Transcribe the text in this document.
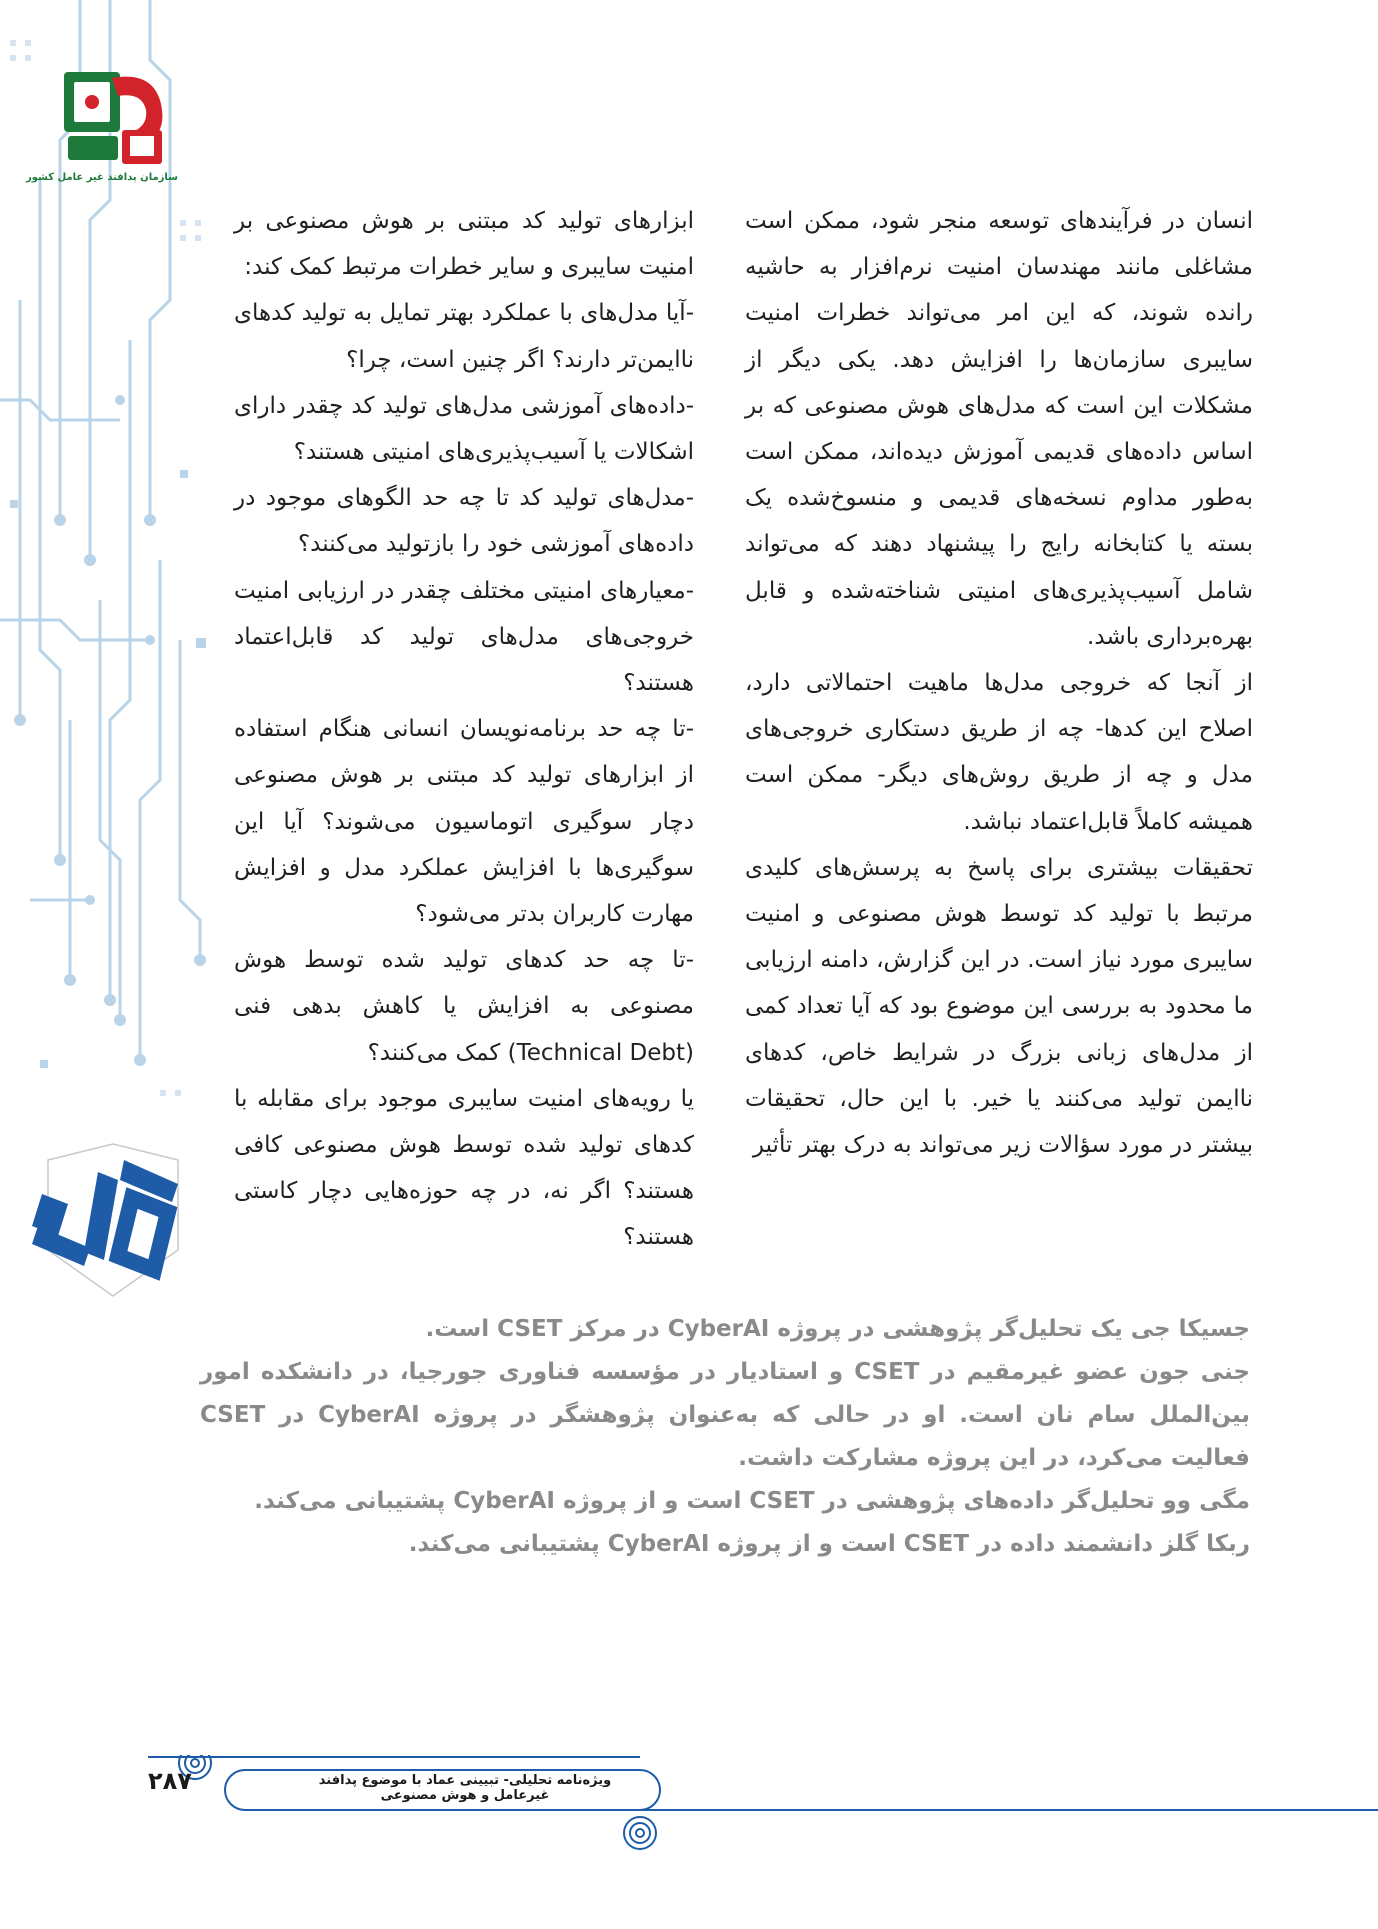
سازمان پدافند غیر عامل کشور

انسان در فرآیندهای توسعه منجر شود، ممکن است مشاغلی مانند مهندسان امنیت نرم‌افزار به حاشیه رانده شوند، که این امر می‌تواند خطرات امنیت سایبری سازمان‌ها را افزایش دهد. یکی دیگر از مشکلات این است که مدل‌های هوش مصنوعی که بر اساس داده‌های قدیمی آموزش دیده‌اند، ممکن است به‌طور مداوم نسخه‌های قدیمی و منسوخ‌شده یک بسته یا کتابخانه رایج را پیشنهاد دهند که می‌تواند شامل آسیب‌پذیری‌های امنیتی شناخته‌شده و قابل بهره‌برداری باشد.

از آنجا که خروجی مدل‌ها ماهیت احتمالاتی دارد، اصلاح این کدها- چه از طریق دستکاری خروجی‌های مدل و چه از طریق روش‌های دیگر- ممکن است همیشه کاملاً قابل‌اعتماد نباشد.

تحقیقات بیشتری برای پاسخ به پرسش‌های کلیدی مرتبط با تولید کد توسط هوش مصنوعی و امنیت سایبری مورد نیاز است. در این گزارش، دامنه ارزیابی ما محدود به بررسی این موضوع بود که آیا تعداد کمی از مدل‌های زبانی بزرگ در شرایط خاص، کدهای ناایمن تولید می‌کنند یا خیر. با این حال، تحقیقات بیشتر در مورد سؤالات زیر می‌تواند به درک بهتر تأثیر

ابزارهای تولید کد مبتنی بر هوش مصنوعی بر امنیت سایبری و سایر خطرات مرتبط کمک کند:

-آیا مدل‌های با عملکرد بهتر تمایل به تولید کدهای ناایمن‌تر دارند؟ اگر چنین است، چرا؟

-داده‌های آموزشی مدل‌های تولید کد چقدر دارای اشکالات یا آسیب‌پذیری‌های امنیتی هستند؟

-مدل‌های تولید کد تا چه حد الگوهای موجود در داده‌های آموزشی خود را بازتولید می‌کنند؟

-معیارهای امنیتی مختلف چقدر در ارزیابی امنیت خروجی‌های مدل‌های تولید کد قابل‌اعتماد هستند؟

-تا چه حد برنامه‌نویسان انسانی هنگام استفاده از ابزارهای تولید کد مبتنی بر هوش مصنوعی دچار سوگیری اتوماسیون می‌شوند؟ آیا این سوگیری‌ها با افزایش عملکرد مدل و افزایش مهارت کاربران بدتر می‌شود؟

-تا چه حد کدهای تولید شده توسط هوش مصنوعی به افزایش یا کاهش بدهی فنی (Technical Debt) کمک می‌کنند؟

یا رویه‌های امنیت سایبری موجود برای مقابله با کدهای تولید شده توسط هوش مصنوعی کافی هستند؟ اگر نه، در چه حوزه‌هایی دچار کاستی هستند؟

جسیکا جی یک تحلیل‌گر پژوهشی در پروژه CyberAI در مرکز CSET است.

جنی جون عضو غیرمقیم در CSET و استادیار در مؤسسه فناوری جورجیا، در دانشکده امور بین‌الملل سام نان است. او در حالی که به‌عنوان پژوهشگر در پروژه CyberAI در CSET فعالیت می‌کرد، در این پروژه مشارکت داشت.

مگی وو تحلیل‌گر داده‌های پژوهشی در CSET است و از پروژه CyberAI پشتیبانی می‌کند.

ربکا گلز دانشمند داده در CSET است و از پروژه CyberAI پشتیبانی می‌کند.

۲۸۷	ویژه‌نامه تحلیلی- تبیینی عماد با موضوع پدافند غیرعامل و هوش مصنوعی
